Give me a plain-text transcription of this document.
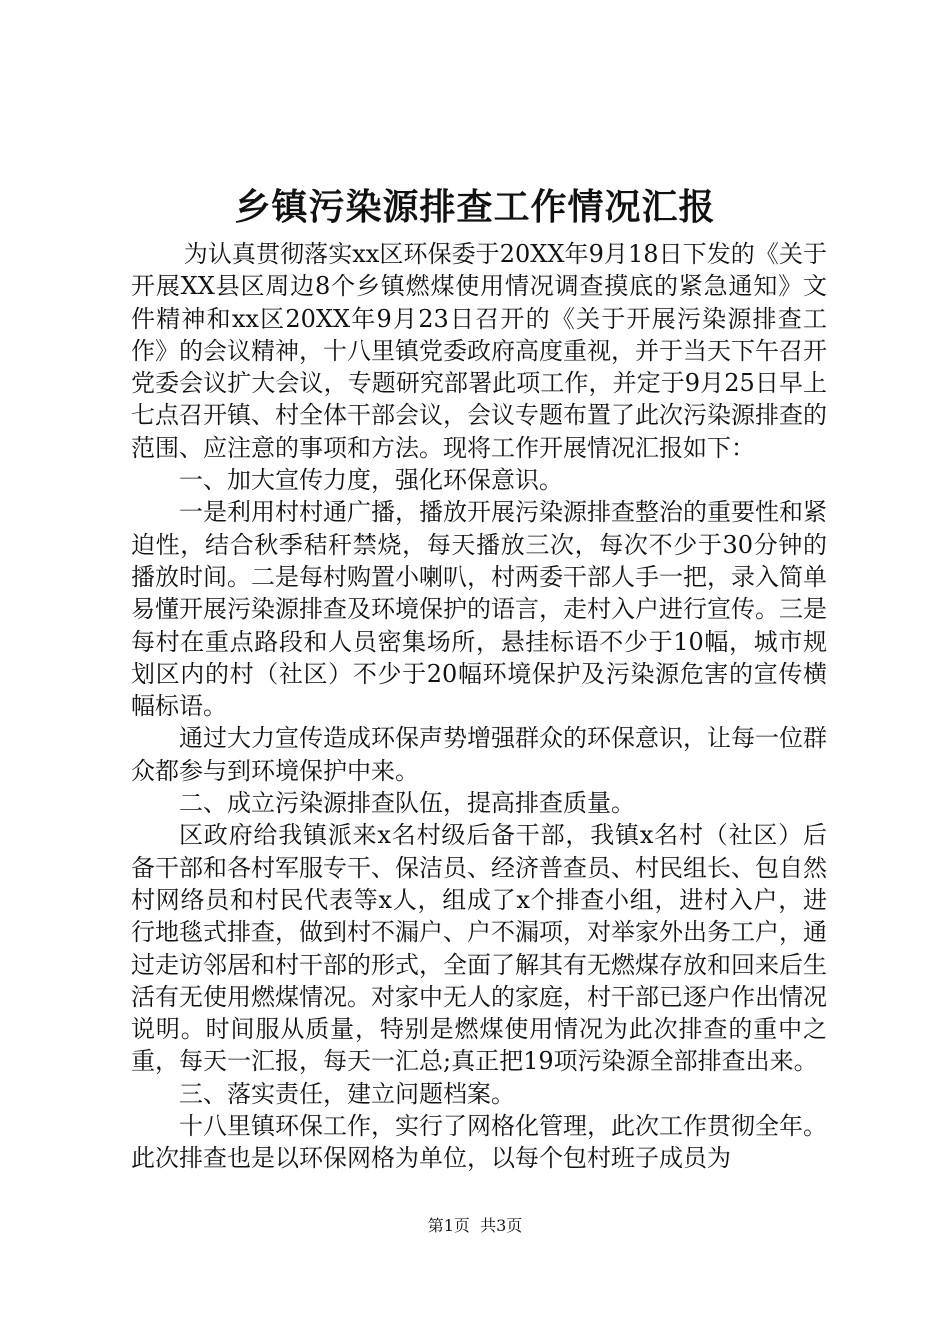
乡镇污染源排查工作情况汇报

为认真贯彻落实xx区环保委于20XX年9月18日下发的《关于开展XX县区周边8个乡镇燃煤使用情况调查摸底的紧急通知》文件精神和xx区20XX年9月23日召开的《关于开展污染源排查工作》的会议精神，十八里镇党委政府高度重视，并于当天下午召开党委会议扩大会议，专题研究部署此项工作，并定于9月25日早上七点召开镇、村全体干部会议，会议专题布置了此次污染源排查的范围、应注意的事项和方法。现将工作开展情况汇报如下：

一、加大宣传力度，强化环保意识。

一是利用村村通广播，播放开展污染源排查整治的重要性和紧迫性，结合秋季秸秆禁烧，每天播放三次，每次不少于30分钟的播放时间。二是每村购置小喇叭，村两委干部人手一把，录入简单易懂开展污染源排查及环境保护的语言，走村入户进行宣传。三是每村在重点路段和人员密集场所，悬挂标语不少于10幅，城市规划区内的村（社区）不少于20幅环境保护及污染源危害的宣传横幅标语。

通过大力宣传造成环保声势增强群众的环保意识，让每一位群众都参与到环境保护中来。

二、成立污染源排查队伍，提高排查质量。

区政府给我镇派来x名村级后备干部，我镇x名村（社区）后备干部和各村军服专干、保洁员、经济普查员、村民组长、包自然村网络员和村民代表等x人，组成了x个排查小组，进村入户，进行地毯式排查，做到村不漏户、户不漏项，对举家外出务工户，通过走访邻居和村干部的形式，全面了解其有无燃煤存放和回来后生活有无使用燃煤情况。对家中无人的家庭，村干部已逐户作出情况说明。时间服从质量，特别是燃煤使用情况为此次排查的重中之重，每天一汇报，每天一汇总;真正把19项污染源全部排查出来。

三、落实责任，建立问题档案。

十八里镇环保工作，实行了网格化管理，此次工作贯彻全年。此次排查也是以环保网格为单位，以每个包村班子成员为

第1页 共3页
